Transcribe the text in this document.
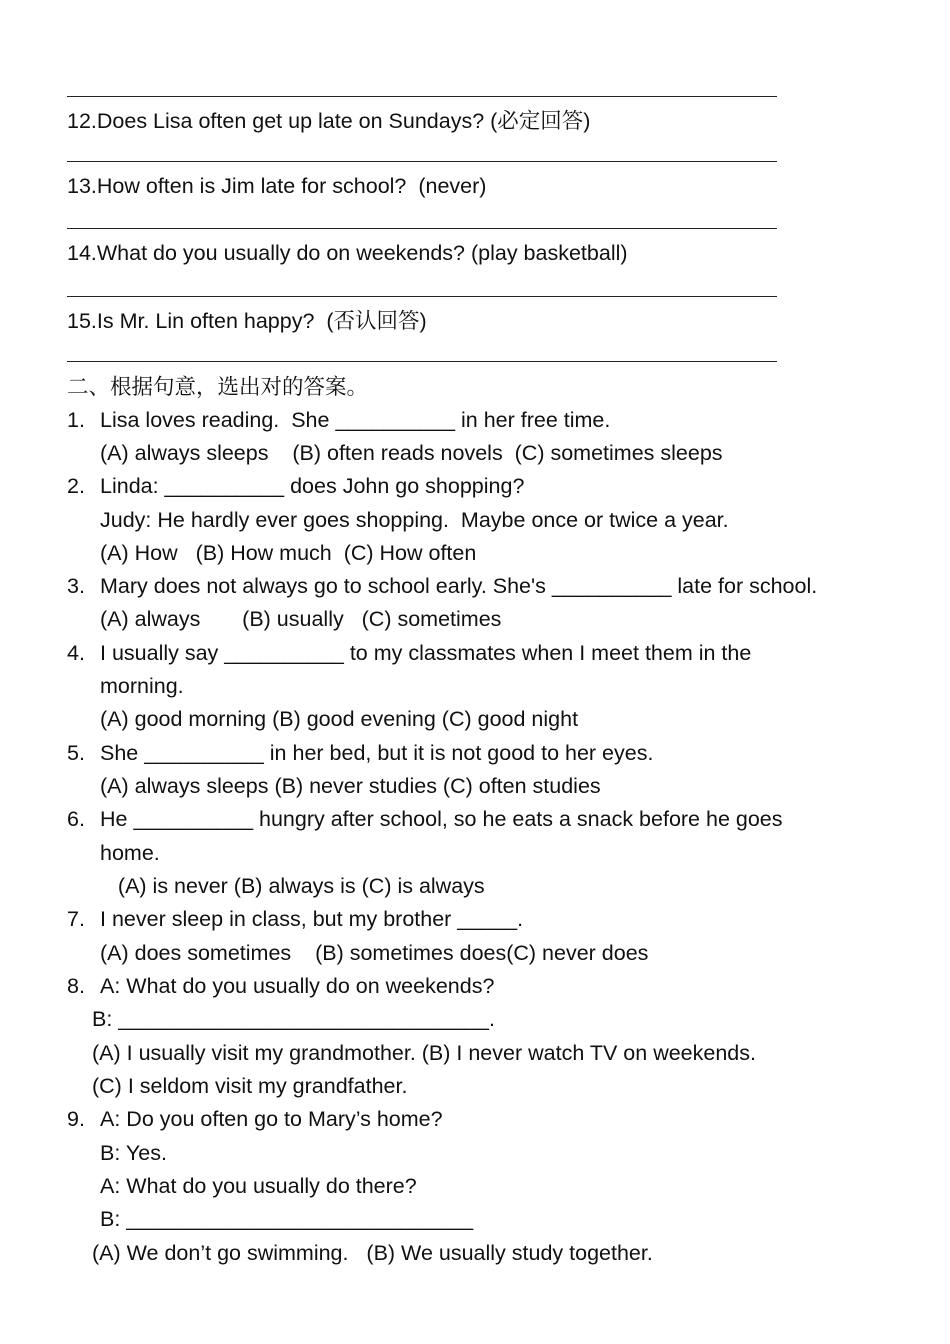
12.Does Lisa often get up late on Sundays? (必定回答)
13.How often is Jim late for school?  (never)
14.What do you usually do on weekends? (play basketball)
15.Is Mr. Lin often happy?  (否认回答)
二、根据句意，选出对的答案。
1. Lisa loves reading.  She __________ in her free time.
(A) always sleeps    (B) often reads novels  (C) sometimes sleeps
2. Linda: __________ does John go shopping?
Judy: He hardly ever goes shopping.  Maybe once or twice a year.
(A) How   (B) How much  (C) How often
3. Mary does not always go to school early. She's __________ late for school.
(A) always       (B) usually   (C) sometimes
4. I usually say __________ to my classmates when I meet them in the
morning.
(A) good morning (B) good evening (C) good night
5. She __________ in her bed, but it is not good to her eyes.
(A) always sleeps (B) never studies (C) often studies
6. He __________ hungry after school, so he eats a snack before he goes
home.
(A) is never (B) always is (C) is always
7. I never sleep in class, but my brother _____.
(A) does sometimes    (B) sometimes does(C) never does
8. A: What do you usually do on weekends?
B: _______________________________.
(A) I usually visit my grandmother. (B) I never watch TV on weekends.
(C) I seldom visit my grandfather.
9. A: Do you often go to Mary’s home?
B: Yes.
A: What do you usually do there?
B: _____________________________
(A) We don’t go swimming.   (B) We usually study together.
